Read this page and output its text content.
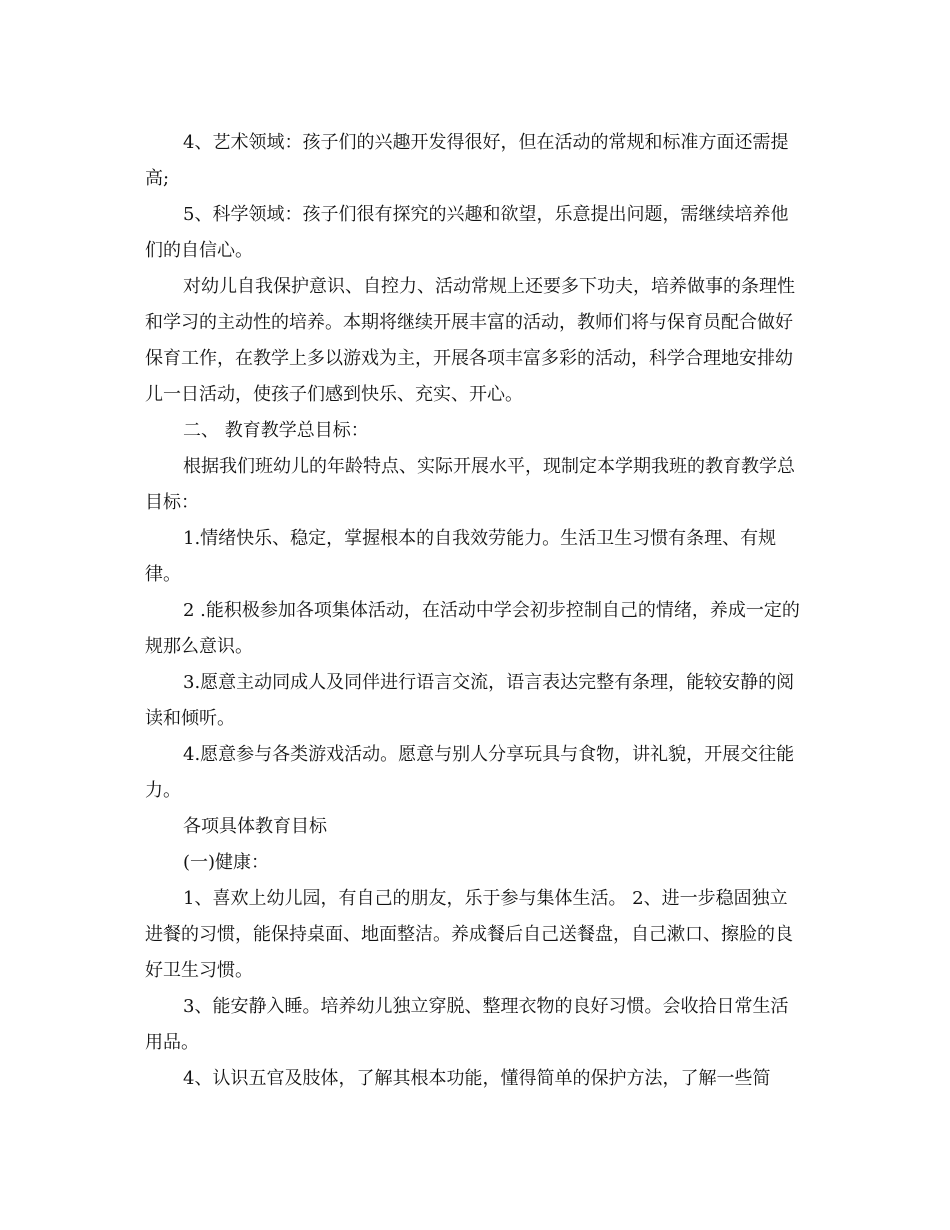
4、艺术领域：孩子们的兴趣开发得很好，但在活动的常规和标准方面还需提高;

5、科学领域：孩子们很有探究的兴趣和欲望，乐意提出问题，需继续培养他们的自信心。

对幼儿自我保护意识、自控力、活动常规上还要多下功夫，培养做事的条理性和学习的主动性的培养。本期将继续开展丰富的活动，教师们将与保育员配合做好保育工作，在教学上多以游戏为主，开展各项丰富多彩的活动，科学合理地安排幼儿一日活动，使孩子们感到快乐、充实、开心。

二、 教育教学总目标：

根据我们班幼儿的年龄特点、实际开展水平，现制定本学期我班的教育教学总目标：

1.情绪快乐、稳定，掌握根本的自我效劳能力。生活卫生习惯有条理、有规律。

2 .能积极参加各项集体活动，在活动中学会初步控制自己的情绪，养成一定的规那么意识。

3.愿意主动同成人及同伴进行语言交流，语言表达完整有条理，能较安静的阅读和倾听。

4.愿意参与各类游戏活动。愿意与别人分享玩具与食物，讲礼貌，开展交往能力。

各项具体教育目标

(一)健康：

1、喜欢上幼儿园，有自己的朋友，乐于参与集体生活。 2、进一步稳固独立进餐的习惯，能保持桌面、地面整洁。养成餐后自己送餐盘，自己漱口、擦脸的良好卫生习惯。

3、能安静入睡。培养幼儿独立穿脱、整理衣物的良好习惯。会收拾日常生活用品。

4、认识五官及肢体，了解其根本功能，懂得简单的保护方法，了解一些简
